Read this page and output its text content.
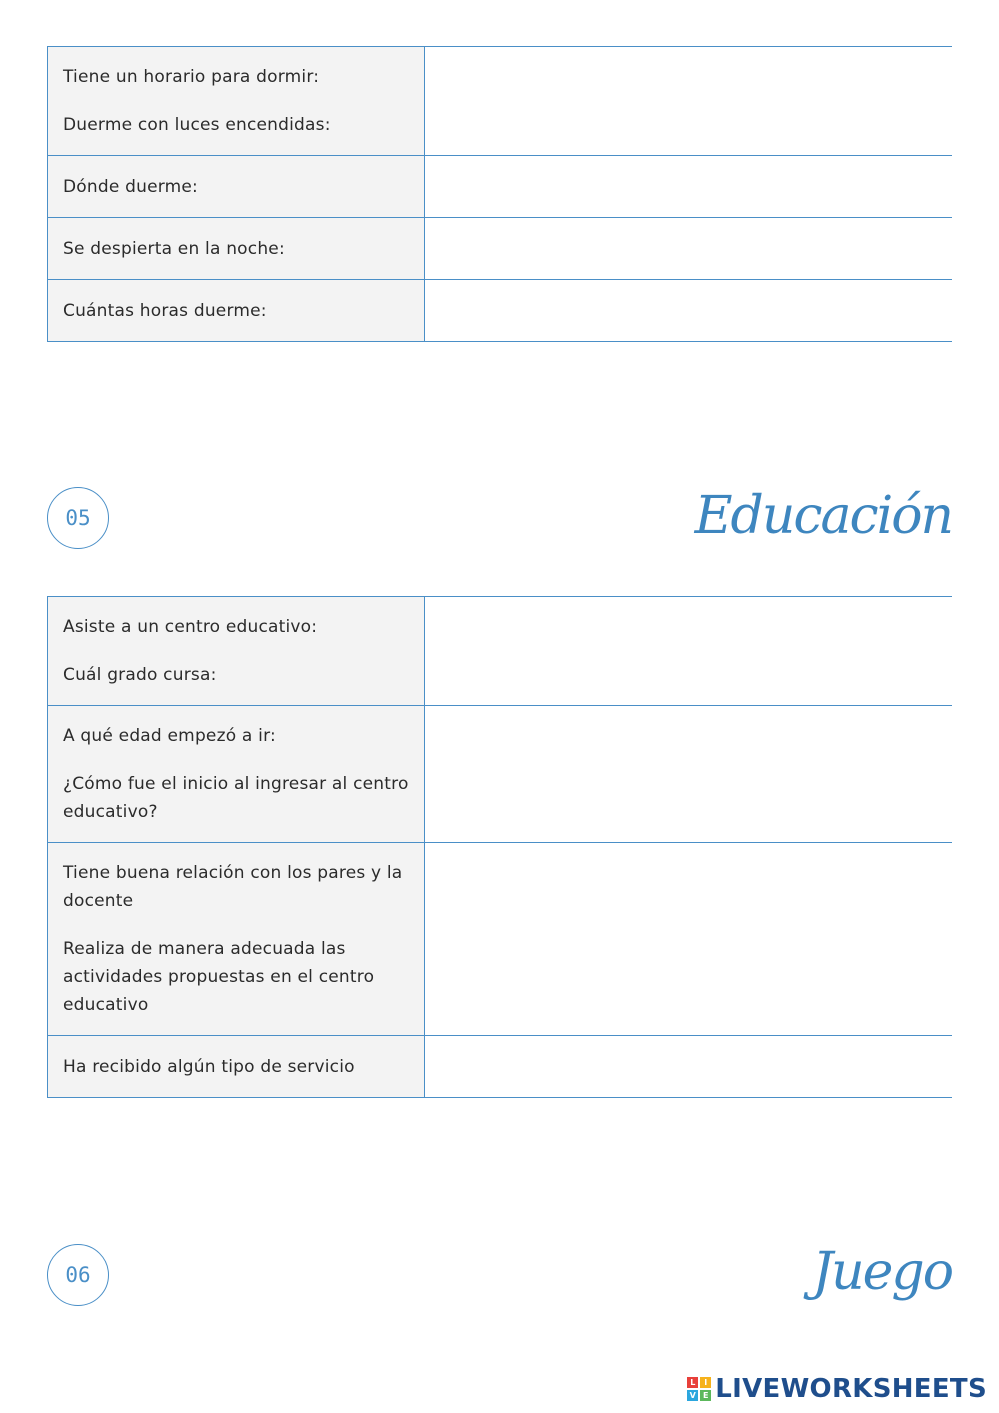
Tiene un horario para dormir:

Duerme con luces encendidas:

Dónde duerme:

Se despierta en la noche:

Cuántas horas duerme:

05	Educación

Asiste a un centro educativo:

Cuál grado cursa:

A qué edad empezó a ir:

¿Cómo fue el inicio al ingresar al centro educativo?

Tiene buena relación con los pares y la docente

Realiza de manera adecuada las actividades propuestas en el centro educativo

Ha recibido algún tipo de servicio

06	Juego
L	I
V E LIVEWORKSHEETS
